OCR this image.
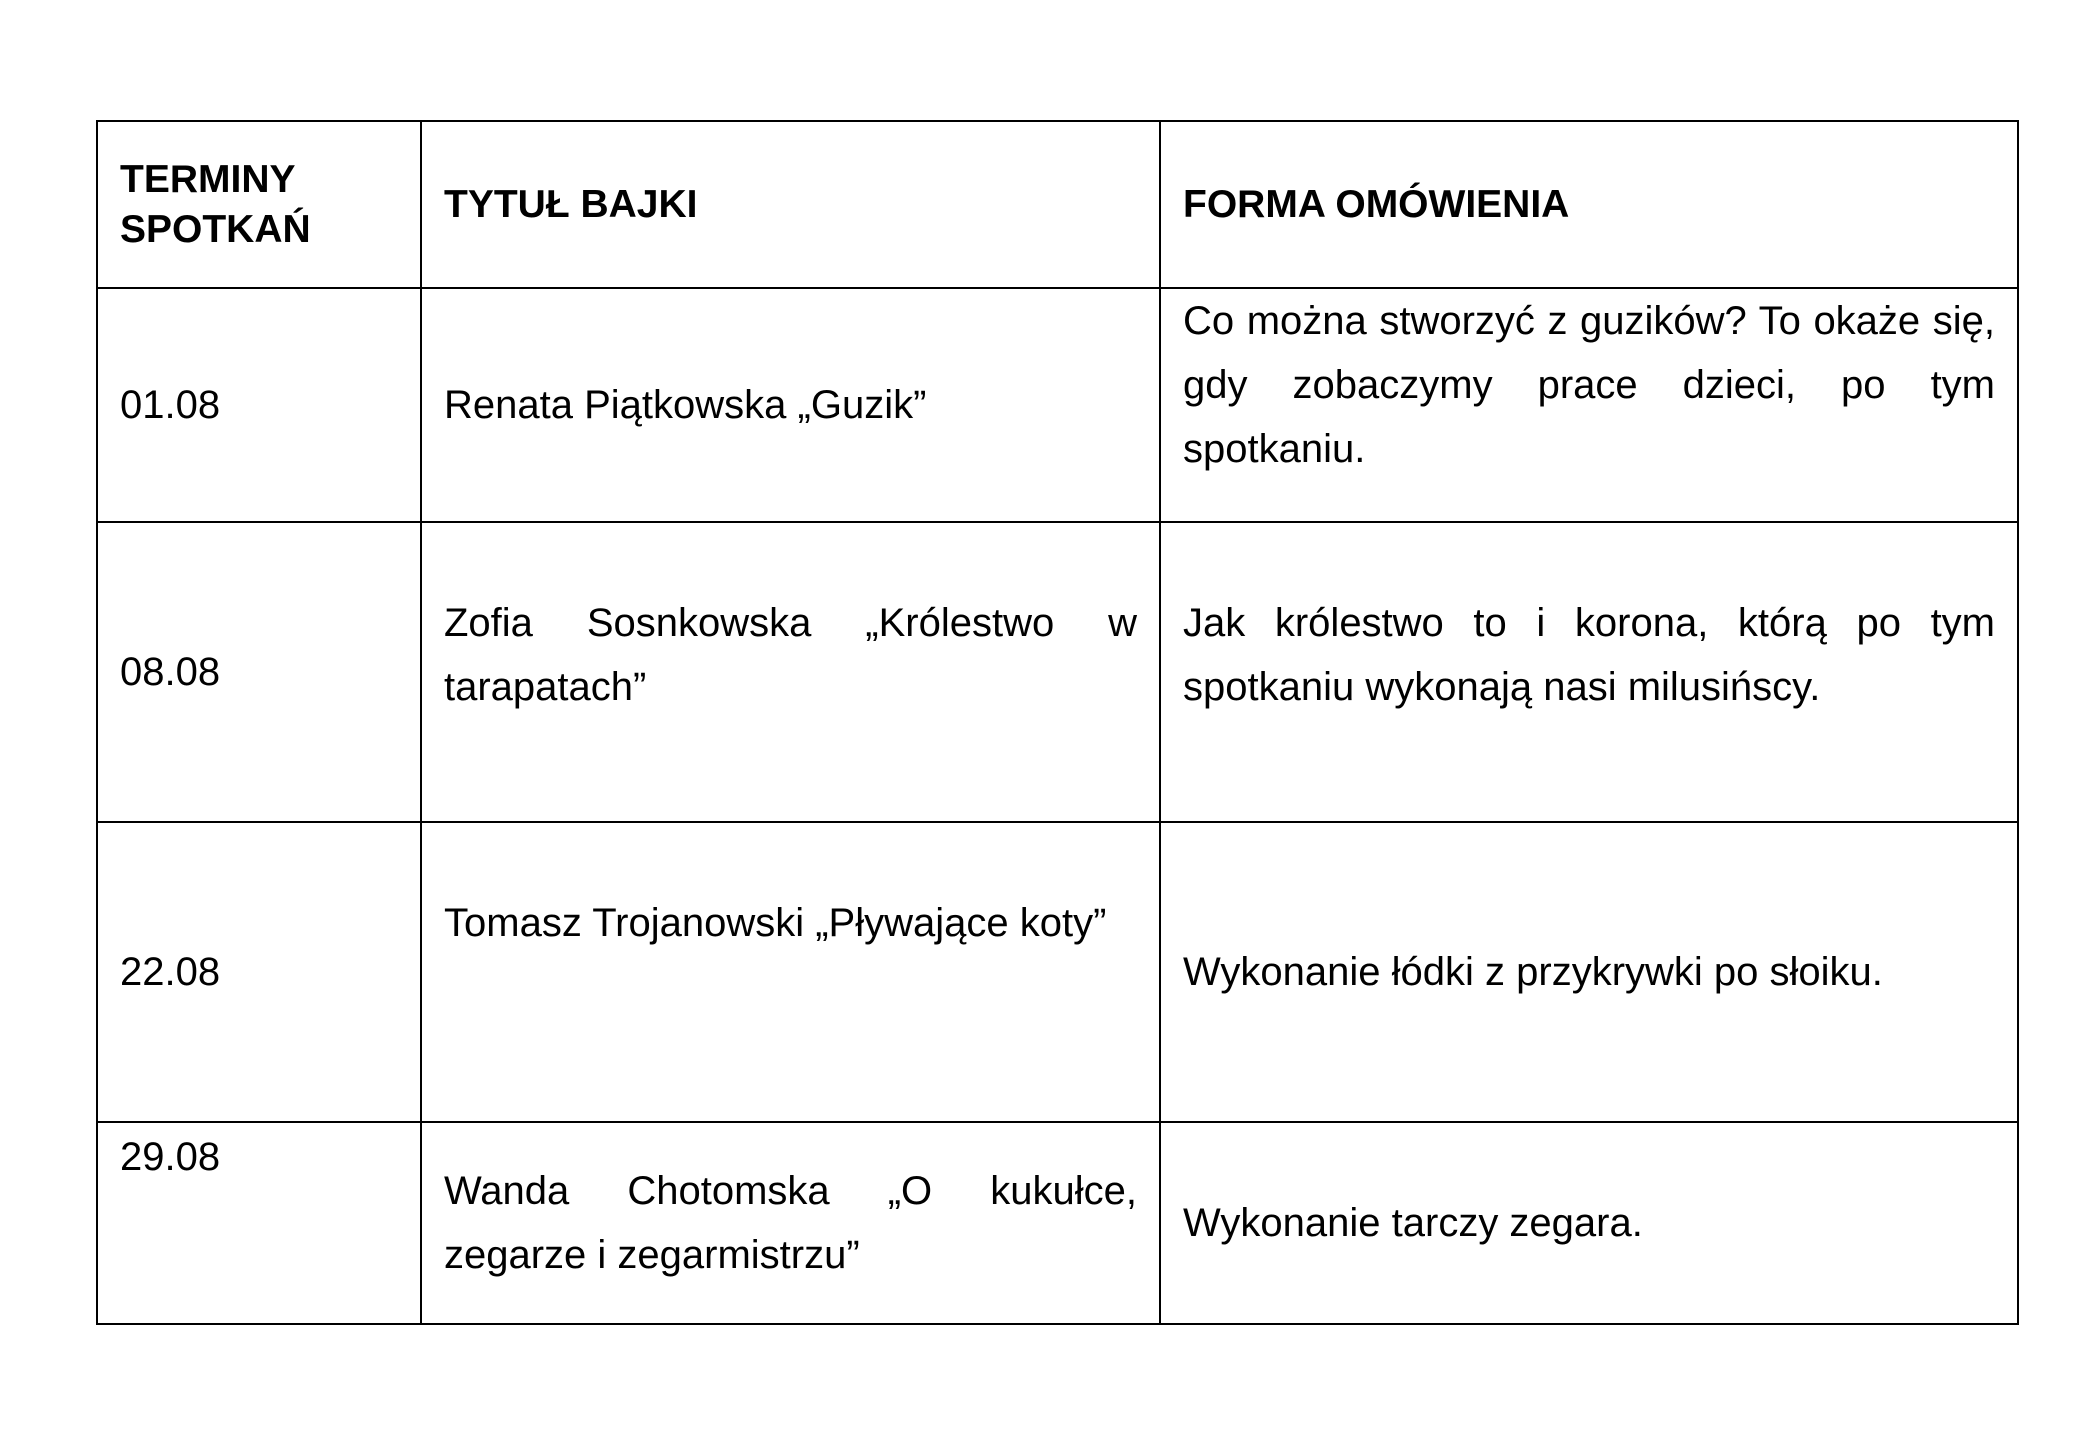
TERMINY SPOTKAŃ	TYTUŁ BAJKI	FORMA OMÓWIENIA
01.08	Renata Piątkowska „Guzik”	Co można stworzyć z guzików? To okaże się, gdy zobaczymy prace dzieci, po tym spotkaniu.
08.08	Zofia Sosnkowska „Królestwo w tarapatach”	Jak królestwo to i korona, którą po tym spotkaniu wykonają nasi milusińscy.
22.08	Tomasz Trojanowski „Pływające koty”	Wykonanie łódki z przykrywki po słoiku.
29.08	Wanda Chotomska „O kukułce, zegarze i zegarmistrzu”	Wykonanie tarczy zegara.
